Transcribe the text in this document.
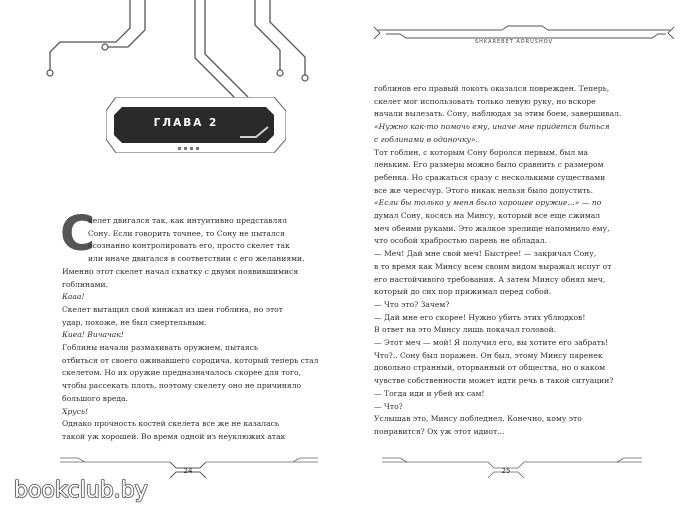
ГЛАВА 2
С

келет двигался так, как интуитивно представлял

Сону. Если говорить точнее, то Сону не пытался

осознанно контролировать его, просто скелет так

или иначе двигался в соответствии с его желаниями.

Именно этот скелет начал схватку с двумя появившимися

гоблинами.

Кааа!

Скелет вытащил свой кинжал из шеи гоблина, но этот

удар, похоже, не был смертельным.

Киеа! Вичачак!

Гоблины начали размахивать оружием, пытаясь

отбиться от своего оживавшего сородича, который теперь стал

скелетом. Но их оружие предназначалось скорее для того,

чтобы рассекать плоть, поэтому скелету оно не причиняло

большого вреда.

Хрусь!

Однако прочность костей скелета все же не казалась

такой уж хорошей. Во время одной из неуклюжих атак

24
SHKAREBET ADRUSHOV

гоблинов его правый локоть оказался поврежден. Теперь,

скелет мог использовать только левую руку, но вскоре

начали вылезать. Сону, наблюдая за этим боем, завершивал.

«Нужно как-то помочь ему, иначе мне придется биться

с гоблинами в одиночку».

Тот гоблин, с которым Сону боролся первым, был ма

леньким. Его размеры можно было сравнить с размером

ребенка. Но сражаться сразу с несколькими существами

все же чересчур. Этого никак нельзя было допустить.

«Если бы только у меня было хорошее оружие...» — по

думал Сону, косясь на Минсу, который все еще сжимал

меч обеими руками. Это жалкое зрелище напомнило ему,

что особой храбростью парень не обладал.

— Меч! Дай мне свой меч! Быстрее! — закричал Сону,

в то время как Минсу всем своим видом выражал испуг от

его настойчивого требования. А затем Минсу обнял меч,

который до сих пор прижимал перед собой.

— Что это? Зачем?

— Дай мне его скорее! Нужно убить этих ублюдков!

В ответ на это Минсу лишь покачал головой.

— Этот меч — мой! Я получил его, вы хотите его забрать!

Что?.. Сону был поражен. Он был, этому Минсу паренек

довольно странный, оторванный от общества, но о каком

чувстве собственности может идти речь в такой ситуации?

— Тогда иди и убей их сам!

— Что?

Услышав это, Минсу побледнел. Конечно, кому это

понравится? Ох уж этот идиот...

25
bookclub.by
